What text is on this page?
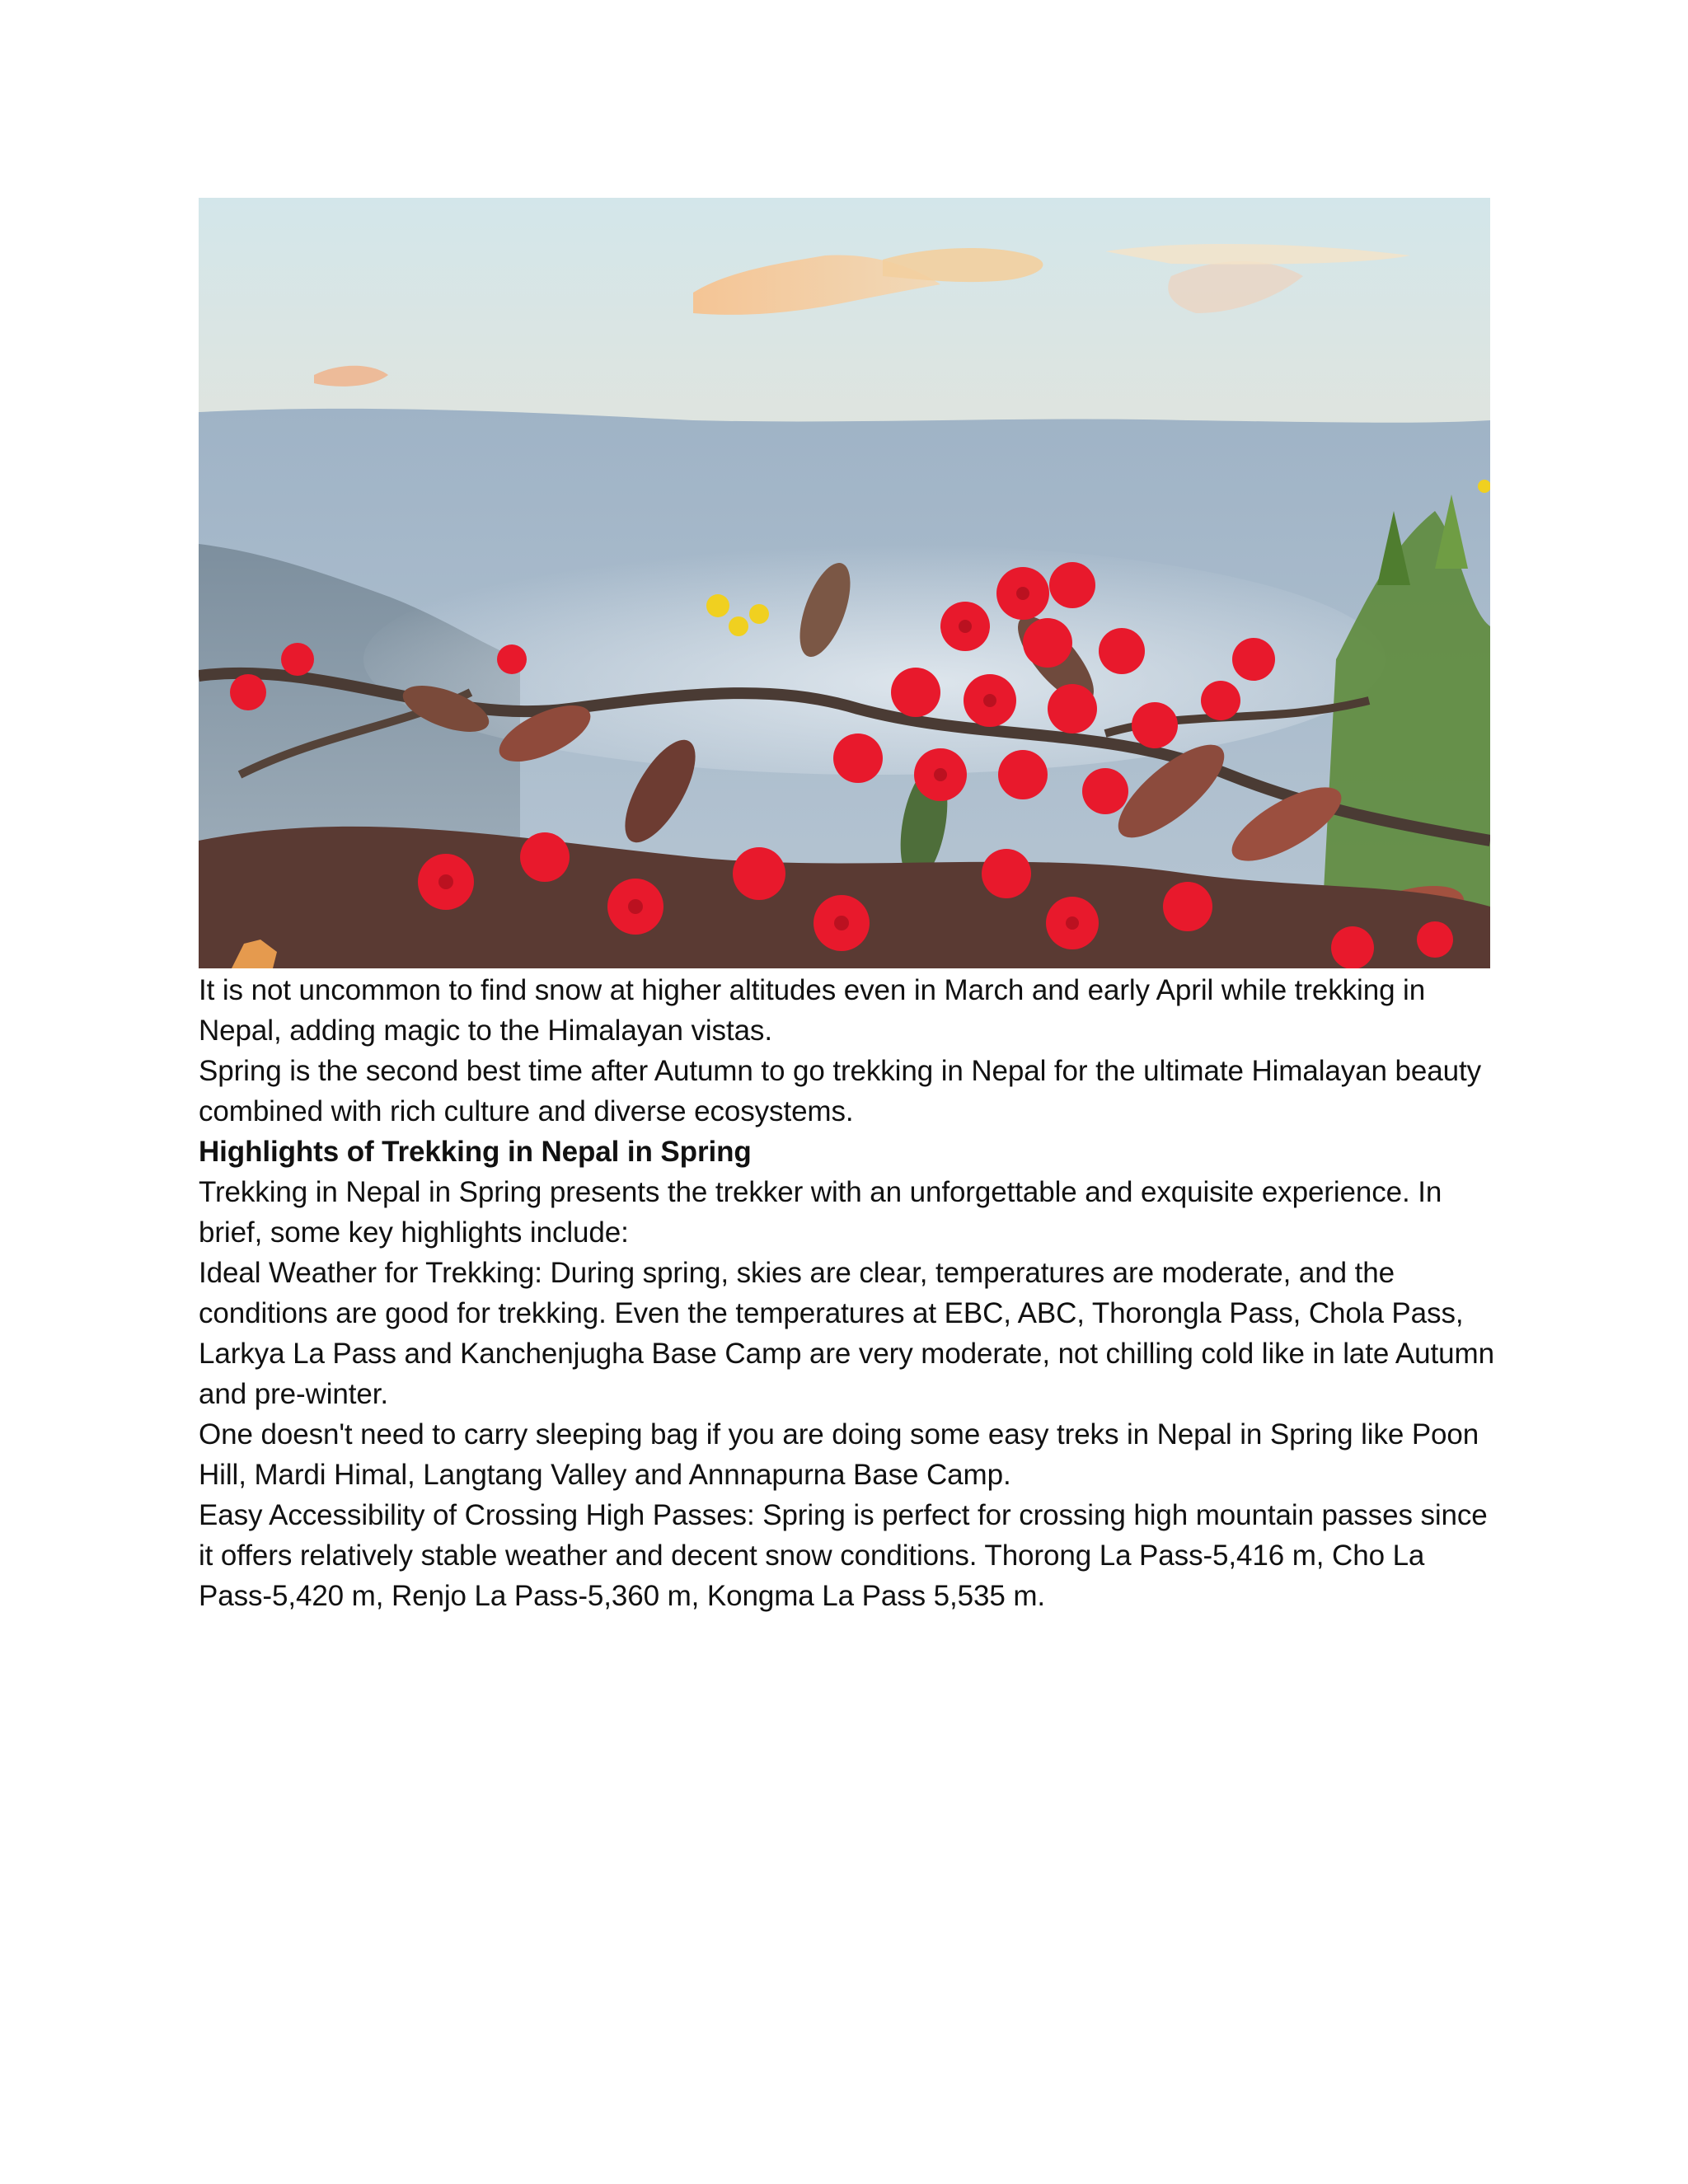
It is not uncommon to find snow at higher altitudes even in March and early April while trekking in Nepal, adding magic to the Himalayan vistas.

Spring is the second best time after Autumn to go trekking in Nepal for the ultimate Himalayan beauty combined with rich culture and diverse ecosystems.

Highlights of Trekking in Nepal in Spring

Trekking in Nepal in Spring presents the trekker with an unforgettable and exquisite experience. In brief, some key highlights include:

Ideal Weather for Trekking: During spring, skies are clear, temperatures are moderate, and the conditions are good for trekking. Even the temperatures at EBC, ABC, Thorongla Pass, Chola Pass, Larkya La Pass and Kanchenjugha Base Camp are very moderate, not chilling cold like in late Autumn and pre-winter.

One doesn't need to carry sleeping bag if you are doing some easy treks in Nepal in Spring like Poon Hill, Mardi Himal, Langtang Valley and Annnapurna Base Camp.

Easy Accessibility of Crossing High Passes: Spring is perfect for crossing high mountain passes since it offers relatively stable weather and decent snow conditions. Thorong La Pass-5,416 m, Cho La Pass-5,420 m, Renjo La Pass-5,360 m, Kongma La Pass 5,535 m.
